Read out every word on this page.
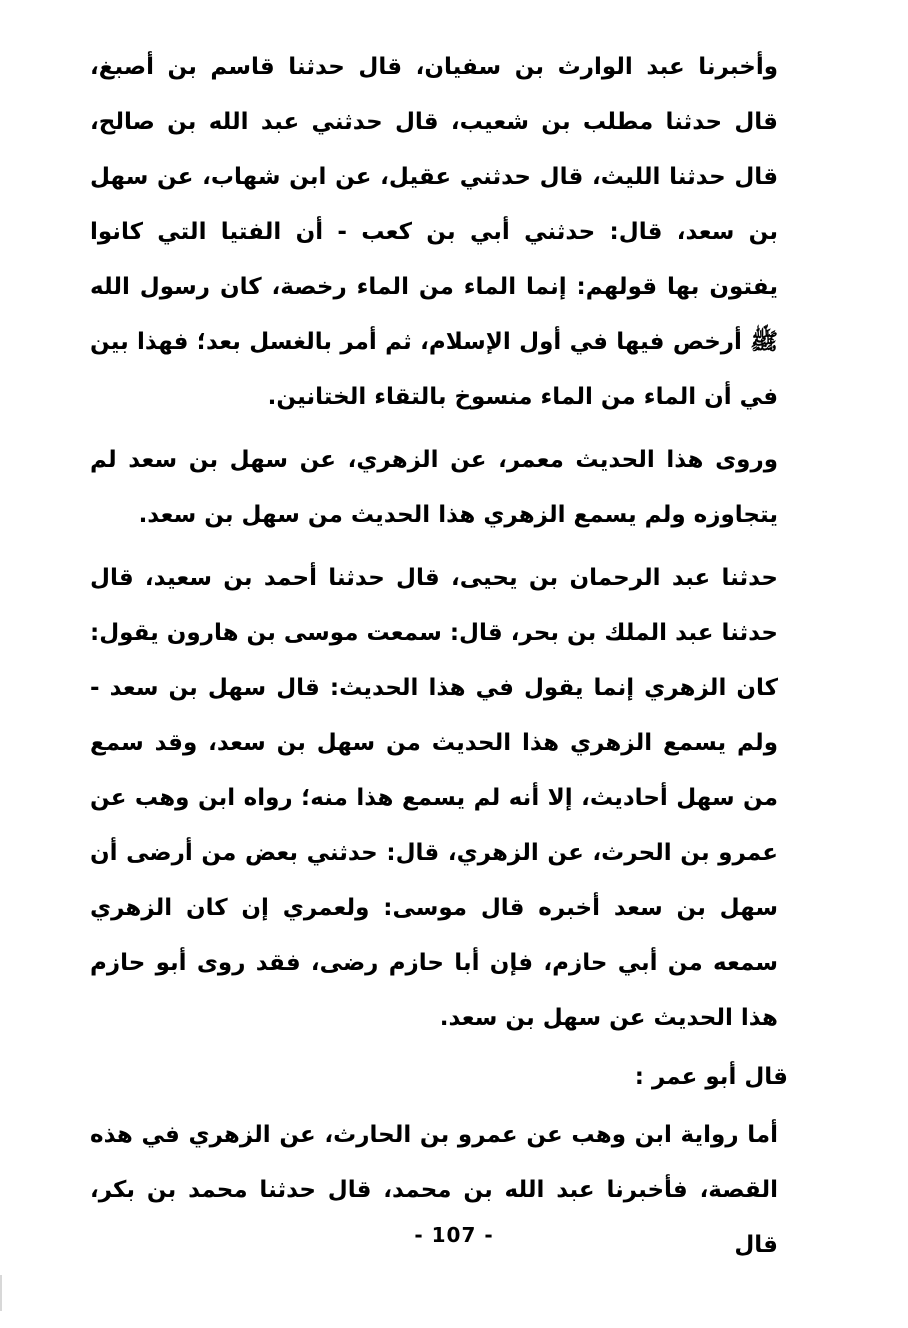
وأخبرنا عبد الوارث بن سفيان، قال حدثنا قاسم بن أصبغ، قال حدثنا مطلب بن شعيب، قال حدثني عبد الله بن صالح، قال حدثنا الليث، قال حدثني عقيل، عن ابن شهاب، عن سهل بن سعد، قال: حدثني أبي بن كعب - أن الفتيا التي كانوا يفتون بها قولهم: إنما الماء من الماء رخصة، كان رسول الله ﷺ أرخص فيها في أول الإسلام، ثم أمر بالغسل بعد؛ فهذا بين في أن الماء من الماء منسوخ بالتقاء الختانين.

وروى هذا الحديث معمر، عن الزهري، عن سهل بن سعد لم يتجاوزه ولم يسمع الزهري هذا الحديث من سهل بن سعد.

حدثنا عبد الرحمان بن يحيى، قال حدثنا أحمد بن سعيد، قال حدثنا عبد الملك بن بحر، قال: سمعت موسى بن هارون يقول: كان الزهري إنما يقول في هذا الحديث: قال سهل بن سعد - ولم يسمع الزهري هذا الحديث من سهل بن سعد، وقد سمع من سهل أحاديث، إلا أنه لم يسمع هذا منه؛ رواه ابن وهب عن عمرو بن الحرث، عن الزهري، قال: حدثني بعض من أرضى أن سهل بن سعد أخبره قال موسى: ولعمري إن كان الزهري سمعه من أبي حازم، فإن أبا حازم رضى، فقد روى أبو حازم هذا الحديث عن سهل بن سعد.

قال أبو عمر :

أما رواية ابن وهب عن عمرو بن الحارث، عن الزهري في هذه القصة، فأخبرنا عبد الله بن محمد، قال حدثنا محمد بن بكر، قال

- 107 -
